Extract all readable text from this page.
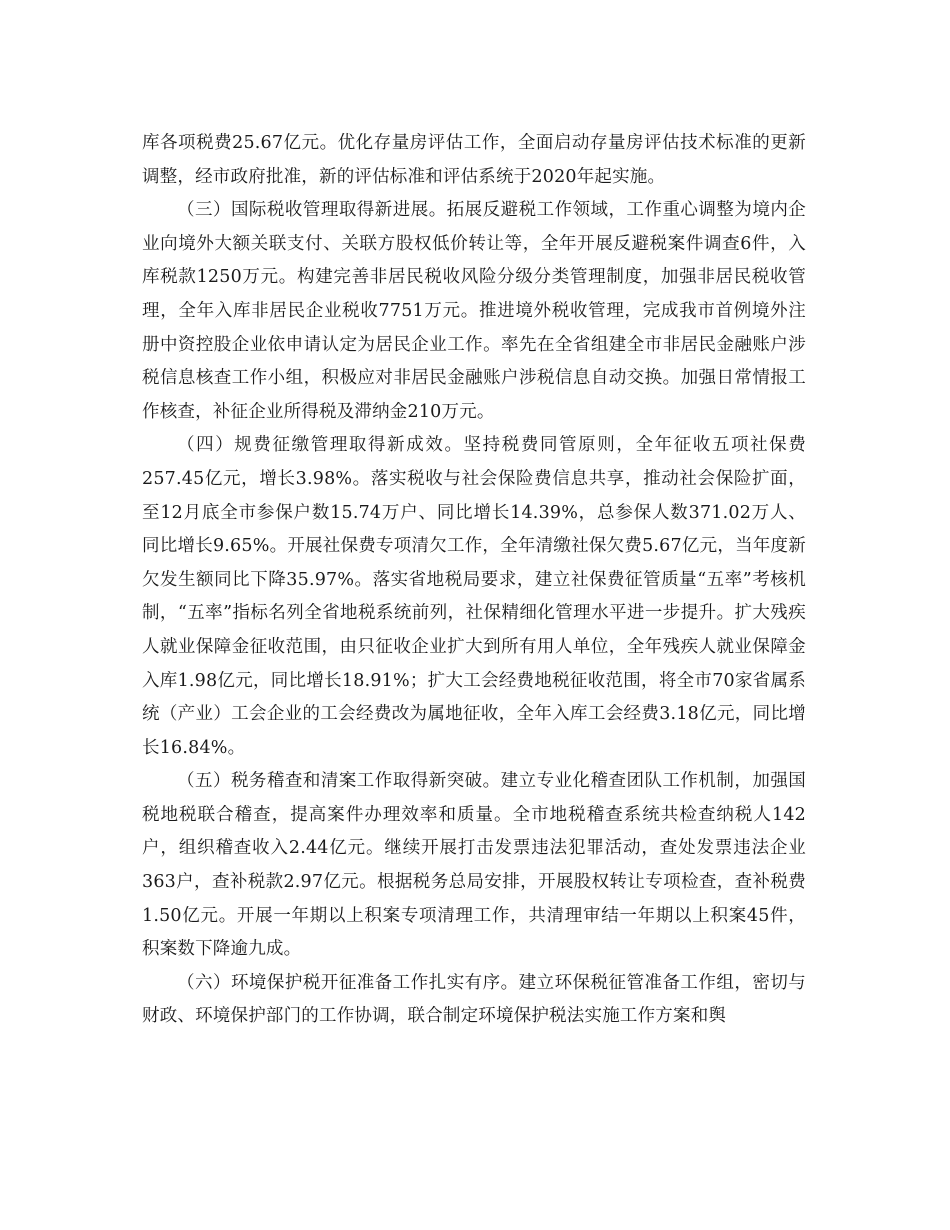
库各项税费25.67亿元。优化存量房评估工作，全面启动存量房评估技术标准的更新调整，经市政府批准，新的评估标准和评估系统于2020年起实施。

（三）国际税收管理取得新进展。拓展反避税工作领域，工作重心调整为境内企业向境外大额关联支付、关联方股权低价转让等，全年开展反避税案件调查6件，入库税款1250万元。构建完善非居民税收风险分级分类管理制度，加强非居民税收管理，全年入库非居民企业税收7751万元。推进境外税收管理，完成我市首例境外注册中资控股企业依申请认定为居民企业工作。率先在全省组建全市非居民金融账户涉税信息核查工作小组，积极应对非居民金融账户涉税信息自动交换。加强日常情报工作核查，补征企业所得税及滞纳金210万元。

（四）规费征缴管理取得新成效。坚持税费同管原则，全年征收五项社保费257.45亿元，增长3.98%。落实税收与社会保险费信息共享，推动社会保险扩面，至12月底全市参保户数15.74万户、同比增长14.39%，总参保人数371.02万人、同比增长9.65%。开展社保费专项清欠工作，全年清缴社保欠费5.67亿元，当年度新欠发生额同比下降35.97%。落实省地税局要求，建立社保费征管质量“五率”考核机制，“五率”指标名列全省地税系统前列，社保精细化管理水平进一步提升。扩大残疾人就业保障金征收范围，由只征收企业扩大到所有用人单位，全年残疾人就业保障金入库1.98亿元，同比增长18.91%；扩大工会经费地税征收范围，将全市70家省属系统（产业）工会企业的工会经费改为属地征收，全年入库工会经费3.18亿元，同比增长16.84%。

（五）税务稽查和清案工作取得新突破。建立专业化稽查团队工作机制，加强国税地税联合稽查，提高案件办理效率和质量。全市地税稽查系统共检查纳税人142户，组织稽查收入2.44亿元。继续开展打击发票违法犯罪活动，查处发票违法企业363户，查补税款2.97亿元。根据税务总局安排，开展股权转让专项检查，查补税费1.50亿元。开展一年期以上积案专项清理工作，共清理审结一年期以上积案45件，积案数下降逾九成。

（六）环境保护税开征准备工作扎实有序。建立环保税征管准备工作组，密切与财政、环境保护部门的工作协调，联合制定环境保护税法实施工作方案和舆
